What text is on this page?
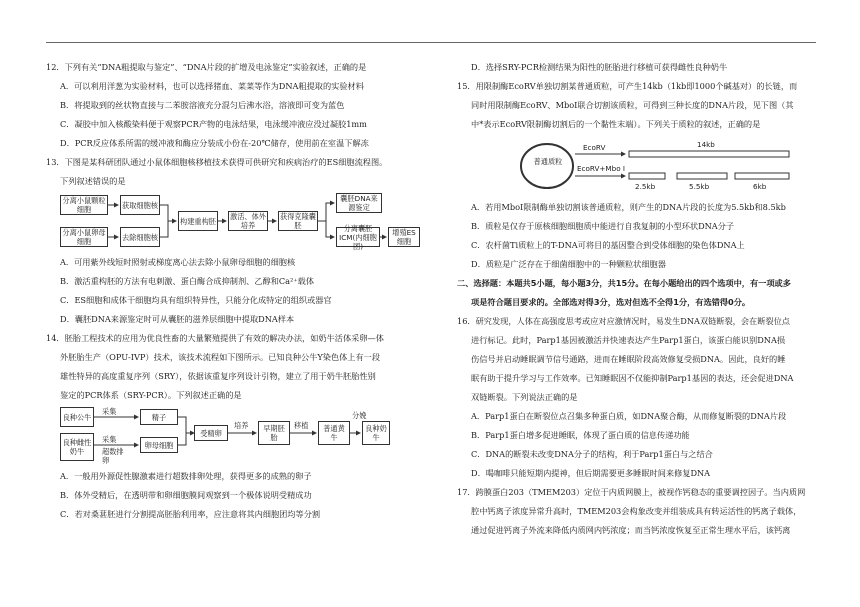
12．下列有关“DNA粗提取与鉴定”、“DNA片段的扩增及电泳鉴定”实验叙述，正确的是

A．可以利用洋葱为实验材料，也可以选择猪血、菜菜等作为DNA粗提取的实验材料

B．将提取到的丝状物直接与二苯胺溶液充分混匀后沸水浴，溶液即可变为蓝色

C．凝胶中加入核酸染料便于观察PCR产物的电泳结果，电泳缓冲液应没过凝胶1mm

D．PCR反应体系所需的缓冲液和酶应分装成小份在-20℃储存，使用前在室温下解冻

13．下图是某科研团队通过小鼠体细胞核移植技术获得可供研究和疾病治疗的ES细胞流程图。

下列叙述错误的是

分离小鼠颗粒细胞	获取细胞核
分离小鼠卵母细胞	去除细胞核
构建重构胚 激活、体外培养
获得克隆囊胚
囊胚DNA来源鉴定
分离囊胚ICM(内细胞团)
增殖ES细胞

A．可用紫外线短时照射或梯度离心法去除小鼠卵母细胞的细胞核

B．激活重构胚的方法有电刺激、蛋白酶合成抑制剂、乙醇和Ca²⁺载体

C．ES细胞和成体干细胞均具有组织特异性，只能分化成特定的组织或器官

D．囊胚DNA来源鉴定时可从囊胚的滋养层细胞中提取DNA样本

14．胚胎工程技术的应用为优良性畜的大量繁殖提供了有效的解决办法，如奶牛活体采卵—体

外胚胎生产（OPU-IVP）技术，该技术流程如下图所示。已知良种公牛Y染色体上有一段

雄性特异的高度重复序列（SRY），依据该重复序列设计引物，建立了用于奶牛胚胎性别

鉴定的PCR体系（SRY-PCR）。下列叙述正确的是

良种公牛
良种雌性奶牛
精子
卵母细胞
受精卵	早期胚胎
普通黄牛
良种奶牛
采集
采集
超数排卵
培养	移植
分娩

A．一般用外源促性腺激素进行超数排卵处理，获得更多的成熟的卵子

B．体外受精后，在透明带和卵细胞膜间观察到一个极体说明受精成功

C．若对桑葚胚进行分割提高胚胎利用率，应注意将其内细胞团均等分割

D．选择SRY-PCR检测结果为阳性的胚胎进行移植可获得雌性良种奶牛

15．用限制酶EcoRV单独切割某普通质粒，可产生14kb（1kb即1000个碱基对）的长链，而

同时用限制酶EcoRV、MboI联合切割该质粒，可得到三种长度的DNA片段，见下图（其

中*表示EcoRV限制酶切割后的一个黏性末端）。下列关于质粒的叙述，正确的是

普通质粒
EcoRV
EcoRV+Mbo I
14kb
2.5kb	5.5kb	6kb

A．若用MboI限制酶单独切割该普通质粒，则产生的DNA片段的长度为5.5kb和8.5kb

B．质粒是仅存于原核细胞细胞质中能进行自我复制的小型环状DNA分子

C．农杆菌Ti质粒上的T-DNA可将目的基因整合到受体细胞的染色体DNA上

D．质粒是广泛存在于细菌细胞中的一种颗粒状细胞器

二、选择题：本题共5小题，每小题3分，共15分。在每小题给出的四个选项中，有一项或多

项是符合题目要求的。全部选对得3分，选对但选不全得1分，有选错得0分。

16．研究发现，人体在高强度思考或应对应激情况时，易发生DNA双链断裂，会在断裂位点

进行标记。此时，Parp1基因被激活并快速表达产生Parp1蛋白，该蛋白能识别DNA损

伤信号并启动睡眠调节信号通路，进而在睡眠阶段高效修复受损DNA。因此，良好的睡

眠有助于提升学习与工作效率。已知睡眠因不仅能抑制Parp1基因的表达，还会促进DNA

双链断裂。下列说法正确的是

A．Parp1蛋白在断裂位点召集多种蛋白质，如DNA聚合酶，从而修复断裂的DNA片段

B．Parp1蛋白增多促进睡眠，体现了蛋白质的信息传递功能

C．DNA的断裂未改变DNA分子的结构，利于Parp1蛋白与之结合

D．喝咖啡只能短期内提神，但后期需要更多睡眠时间来修复DNA

17．跨膜蛋白203（TMEM203）定位于内质网膜上，被视作钙稳态的重要调控因子。当内质网

腔中钙离子浓度异常升高时，TMEM203会构象改变并组装成具有转运活性的钙离子载体，

通过促进钙离子外流来降低内质网内钙浓度；而当钙浓度恢复至正常生理水平后，该钙离
